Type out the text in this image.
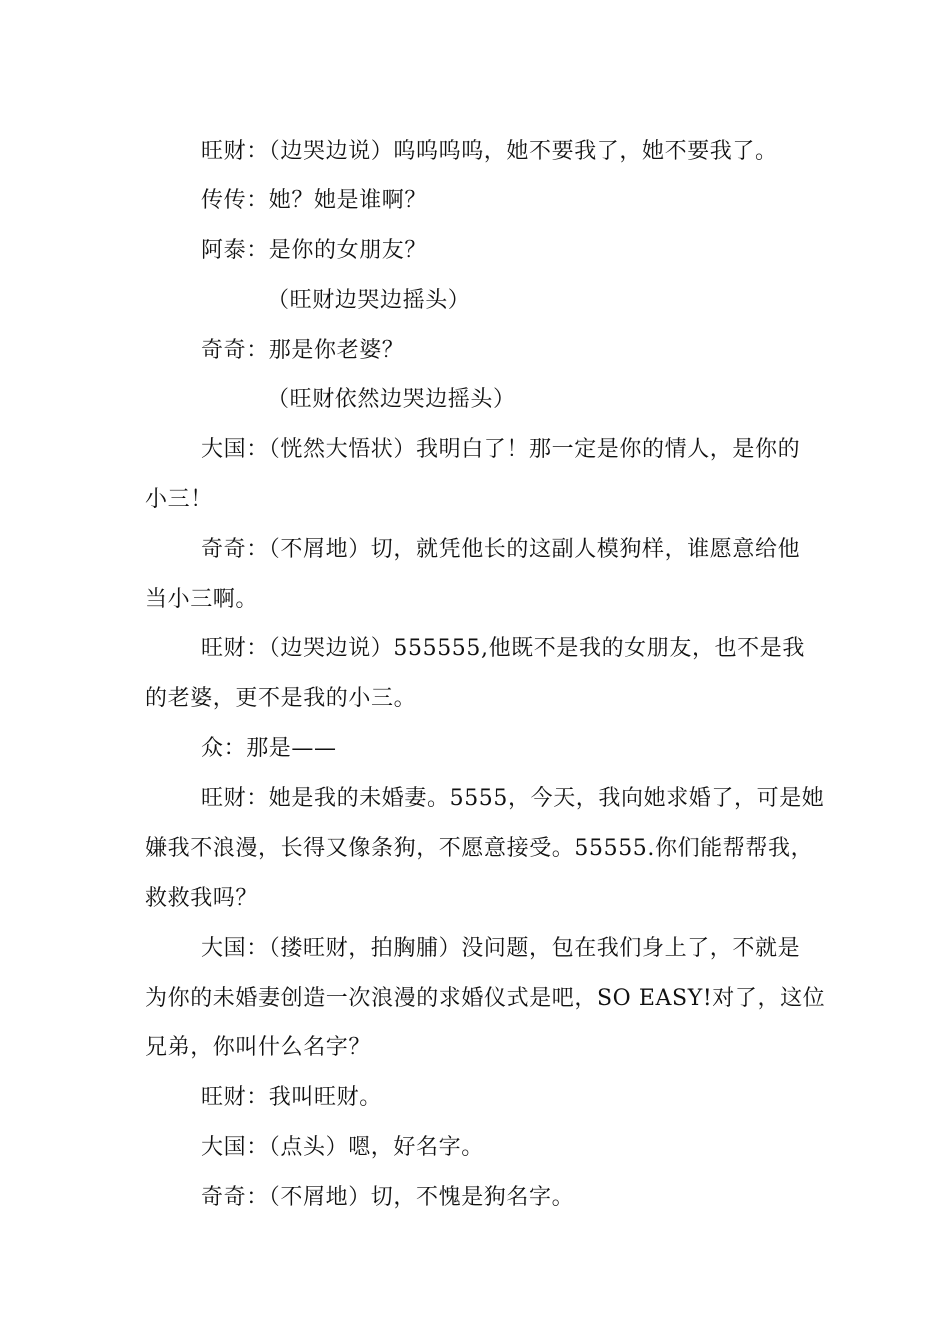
旺财：（边哭边说）呜呜呜呜，她不要我了，她不要我了。
传传：她？她是谁啊？
阿泰：是你的女朋友？
（旺财边哭边摇头）
奇奇：那是你老婆？
（旺财依然边哭边摇头）
大国：（恍然大悟状）我明白了！那一定是你的情人，是你的
小三！
奇奇：（不屑地）切，就凭他长的这副人模狗样，谁愿意给他
当小三啊。
旺财：（边哭边说）555555,他既不是我的女朋友，也不是我
的老婆，更不是我的小三。
众：那是——
旺财：她是我的未婚妻。5555，今天，我向她求婚了，可是她
嫌我不浪漫，长得又像条狗，不愿意接受。55555.你们能帮帮我，
救救我吗？
大国：（搂旺财，拍胸脯）没问题，包在我们身上了，不就是
为你的未婚妻创造一次浪漫的求婚仪式是吧，SO EASY!对了，这位
兄弟，你叫什么名字？
旺财：我叫旺财。
大国：（点头）嗯，好名字。
奇奇：（不屑地）切，不愧是狗名字。
